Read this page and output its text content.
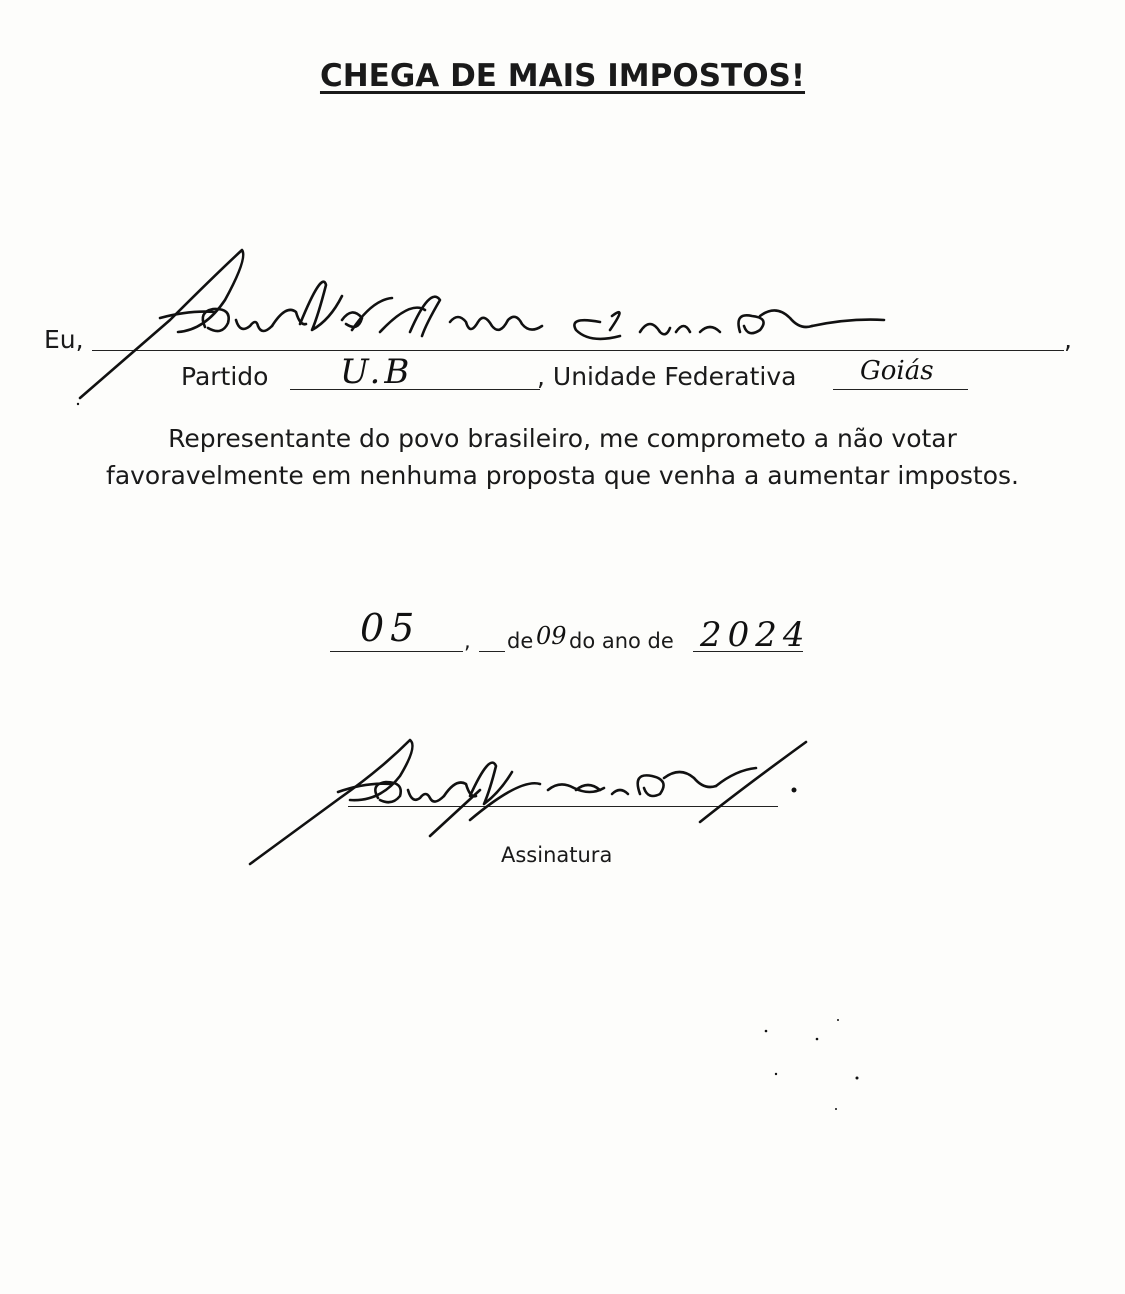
CHEGA DE MAIS IMPOSTOS!
Eu,	,
Partido	, Unidade Federativa
Representante do povo brasileiro, me comprometo a não votar
favoravelmente em nenhuma proposta que venha a aumentar impostos.
, de do ano de
Assinatura
U.B	Goiás
05	09	2024
